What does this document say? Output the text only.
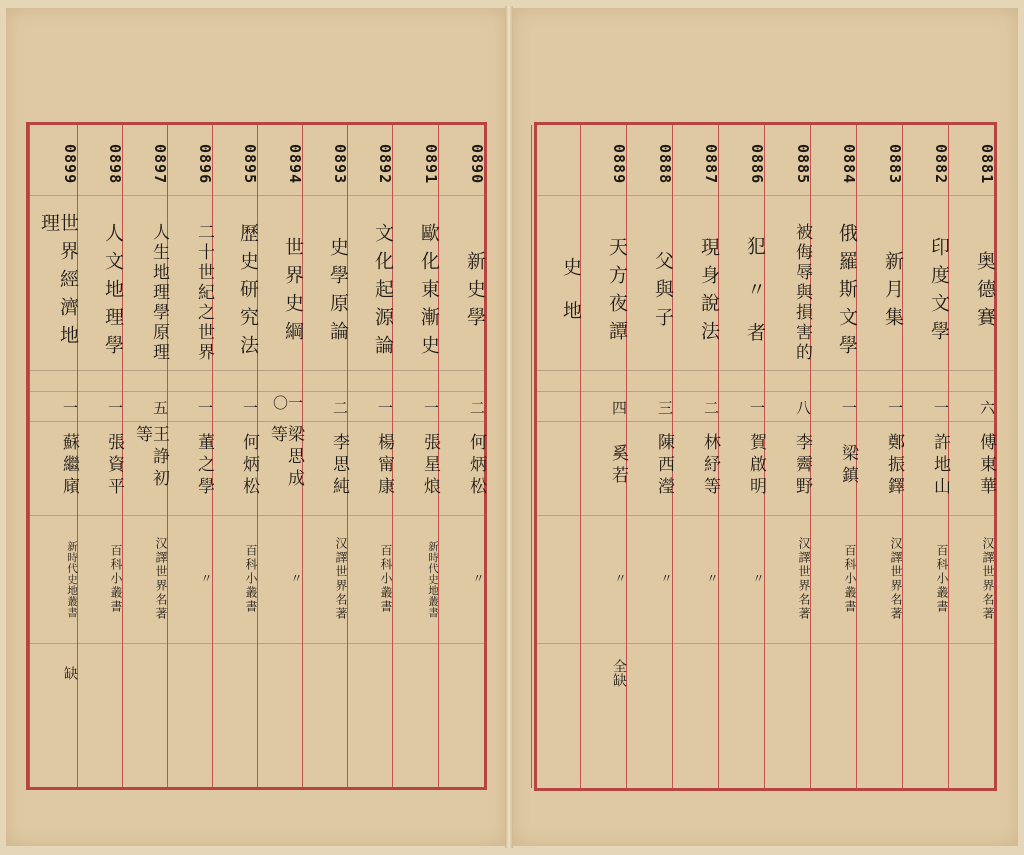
0890
新史學
二
何炳松
〃
0891
歐化東漸史
一
張星烺
新時代史地叢書
0892
文化起源論
一
楊甯康
百科小叢書
0893
史學原論
二
李思純
汉譯世界名著
0894
世界史綱
一〇
梁思成等
〃
0895
歷史研究法
一
何炳松
百科小叢書
0896
二十世紀之世界
一
董之學
〃
0897
人生地理學原理
五
王諍初等
汉譯世界名著
0898
人文地理學
一
張資平
百科小叢書
0899
世界經濟地理
一
蘇繼廎
新時代史地叢書
缺
0881
奥德賽
六
傅東華
汉譯世界名著
0882
印度文學
一
許地山
百科小叢書
0883
新月集
一
鄭振鐸
汉譯世界名著
0884
俄羅斯文學
一
梁鎮
百科小叢書
0885
被侮辱與損害的
八
李霽野
汉譯世界名著
0886
犯 〃 者
一
賀啟明
〃
0887
現身說法
二
林紓等
〃
0888
父與子
三
陳西瀅
〃
0889
天方夜譚
四
奚若
〃
全缺
史 地
